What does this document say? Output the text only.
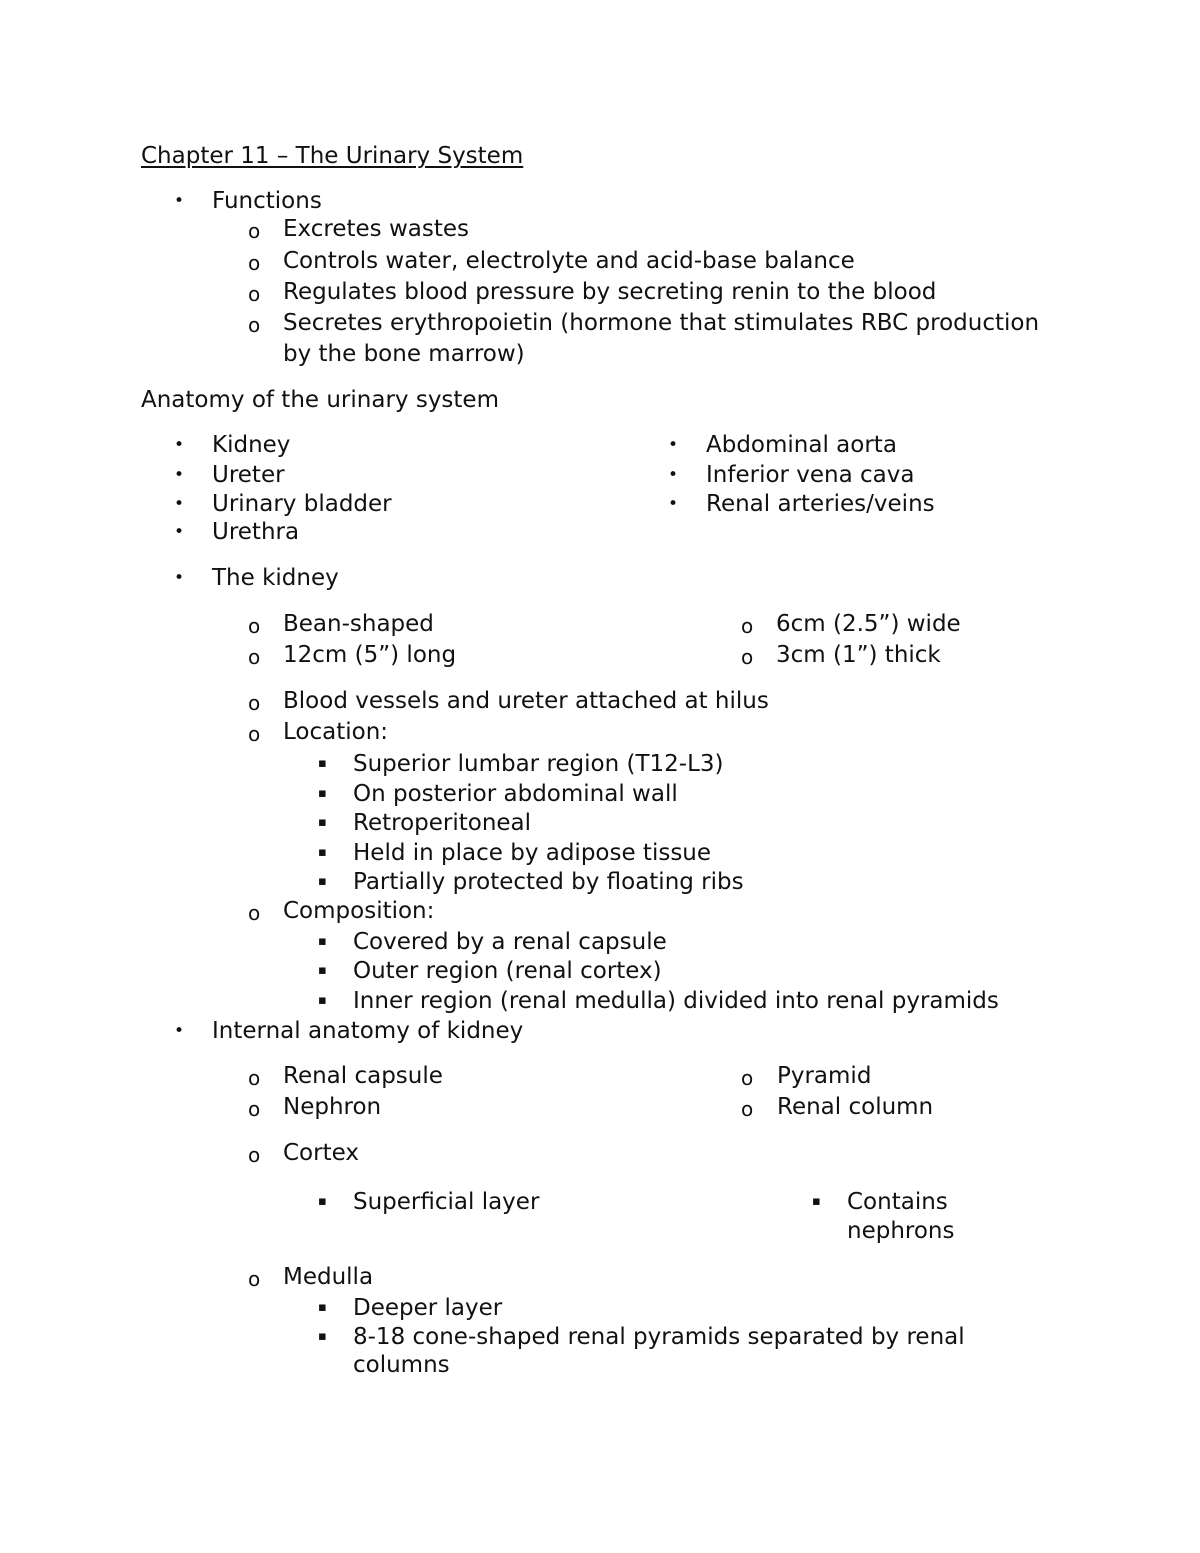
Chapter 11 – The Urinary System
• Functions
o Excretes wastes
o Controls water, electrolyte and acid-base balance
o Regulates blood pressure by secreting renin to the blood
o Secretes erythropoietin (hormone that stimulates RBC production
by the bone marrow)
Anatomy of the urinary system
• Kidney
• Ureter
• Urinary bladder
• Urethra
• Abdominal aorta
• Inferior vena cava
• Renal arteries/veins
• The kidney
o Bean-shaped
o 12cm (5”) long
o 6cm (2.5”) wide
o 3cm (1”) thick
o Blood vessels and ureter attached at hilus
o Location:
▪ Superior lumbar region (T12-L3)
▪ On posterior abdominal wall
▪ Retroperitoneal
▪ Held in place by adipose tissue
▪ Partially protected by floating ribs
o Composition:
▪ Covered by a renal capsule
▪ Outer region (renal cortex)
▪ Inner region (renal medulla) divided into renal pyramids
• Internal anatomy of kidney
o Renal capsule
o Nephron
o Pyramid
o Renal column
o Cortex
▪ Superficial layer	▪ Contains
nephrons
o Medulla
▪ Deeper layer
▪ 8-18 cone-shaped renal pyramids separated by renal
columns
